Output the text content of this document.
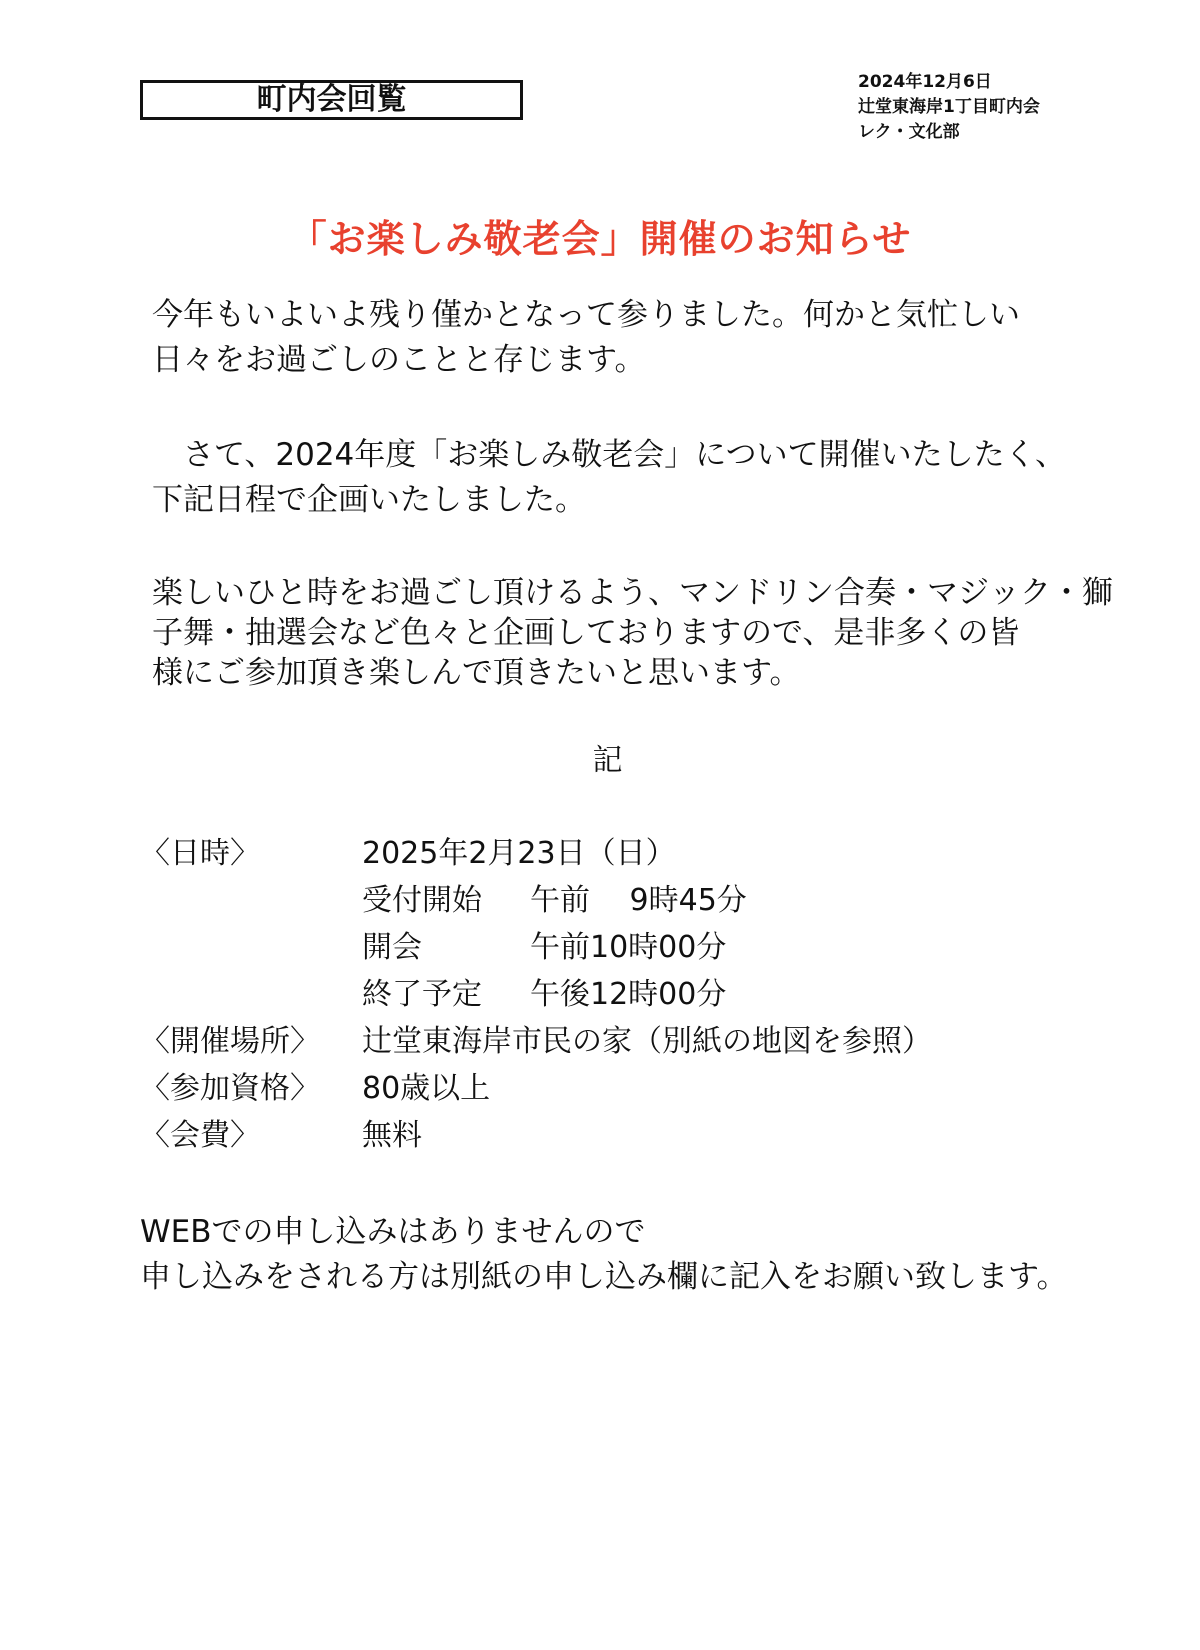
町内会回覧	2024年12月6日
辻堂東海岸1丁目町内会
レク・文化部
「お楽しみ敬老会」開催のお知らせ
今年もいよいよ残り僅かとなって参りました。何かと気忙しい
日々をお過ごしのことと存じます。
　さて、2024年度「お楽しみ敬老会」について開催いたしたく、
下記日程で企画いたしました。
楽しいひと時をお過ごし頂けるよう、マンドリン合奏・マジック・獅
子舞・抽選会など色々と企画しておりますので、是非多くの皆
様にご参加頂き楽しんで頂きたいと思います。
記
〈日時〉	2025年2月23日（日）
受付開始 午前　 9時45分
開会	午前10時00分
終了予定 午後12時00分
〈開催場所〉 辻堂東海岸市民の家（別紙の地図を参照）
〈参加資格〉 80歳以上
〈会費〉	無料
WEBでの申し込みはありませんので
申し込みをされる方は別紙の申し込み欄に記入をお願い致します。
